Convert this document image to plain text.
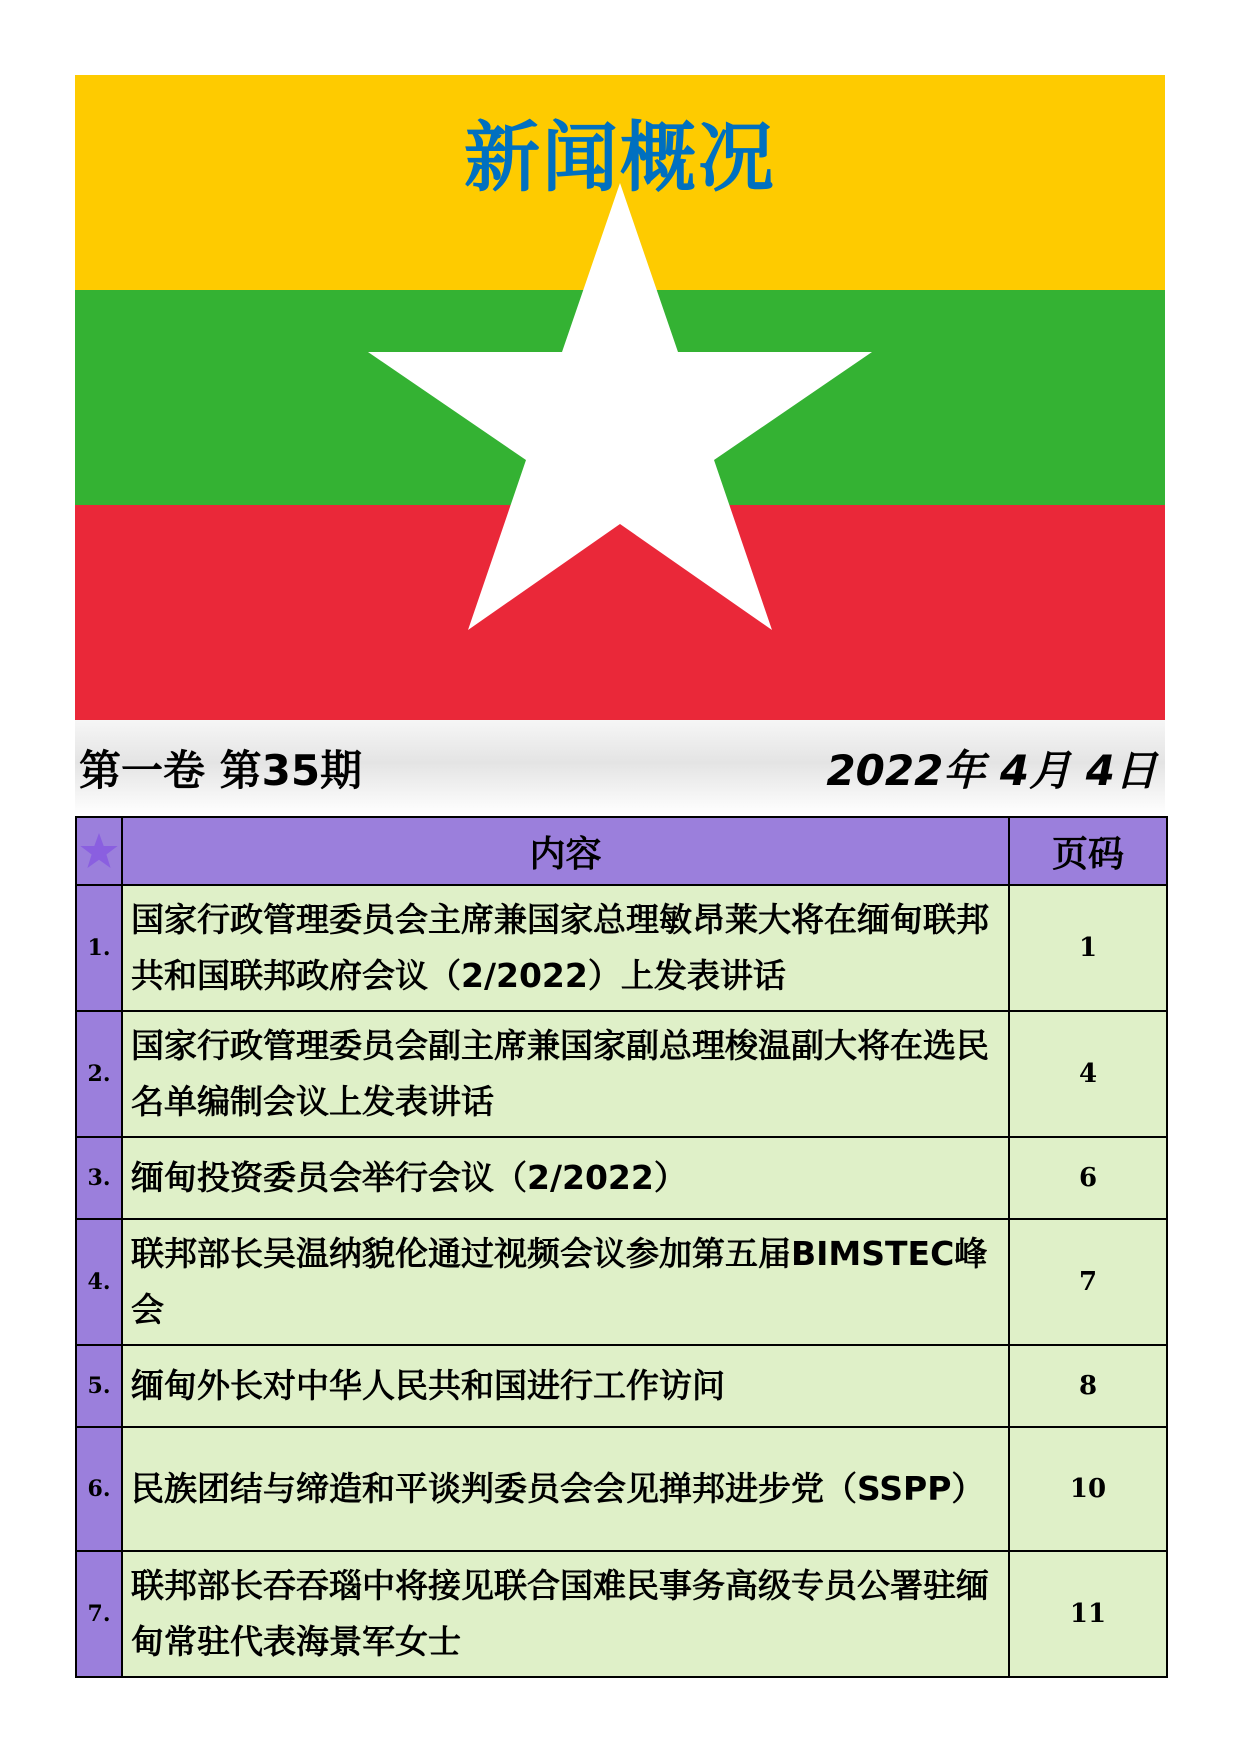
新闻概况
第一卷 第35期	2022年 4月 4日
	内容	页码
1.	国家行政管理委员会主席兼国家总理敏昂莱大将在缅甸联邦共和国联邦政府会议（2/2022）上发表讲话	1
2.	国家行政管理委员会副主席兼国家副总理梭温副大将在选民名单编制会议上发表讲话	4
3.	缅甸投资委员会举行会议（2/2022）	6
4.	联邦部长吴温纳貌伦通过视频会议参加第五届BIMSTEC峰会	7
5.	缅甸外长对中华人民共和国进行工作访问	8
6.	民族团结与缔造和平谈判委员会会见掸邦进步党（SSPP）	10
7.	联邦部长吞吞瑙中将接见联合国难民事务高级专员公署驻缅甸常驻代表海景军女士	11
